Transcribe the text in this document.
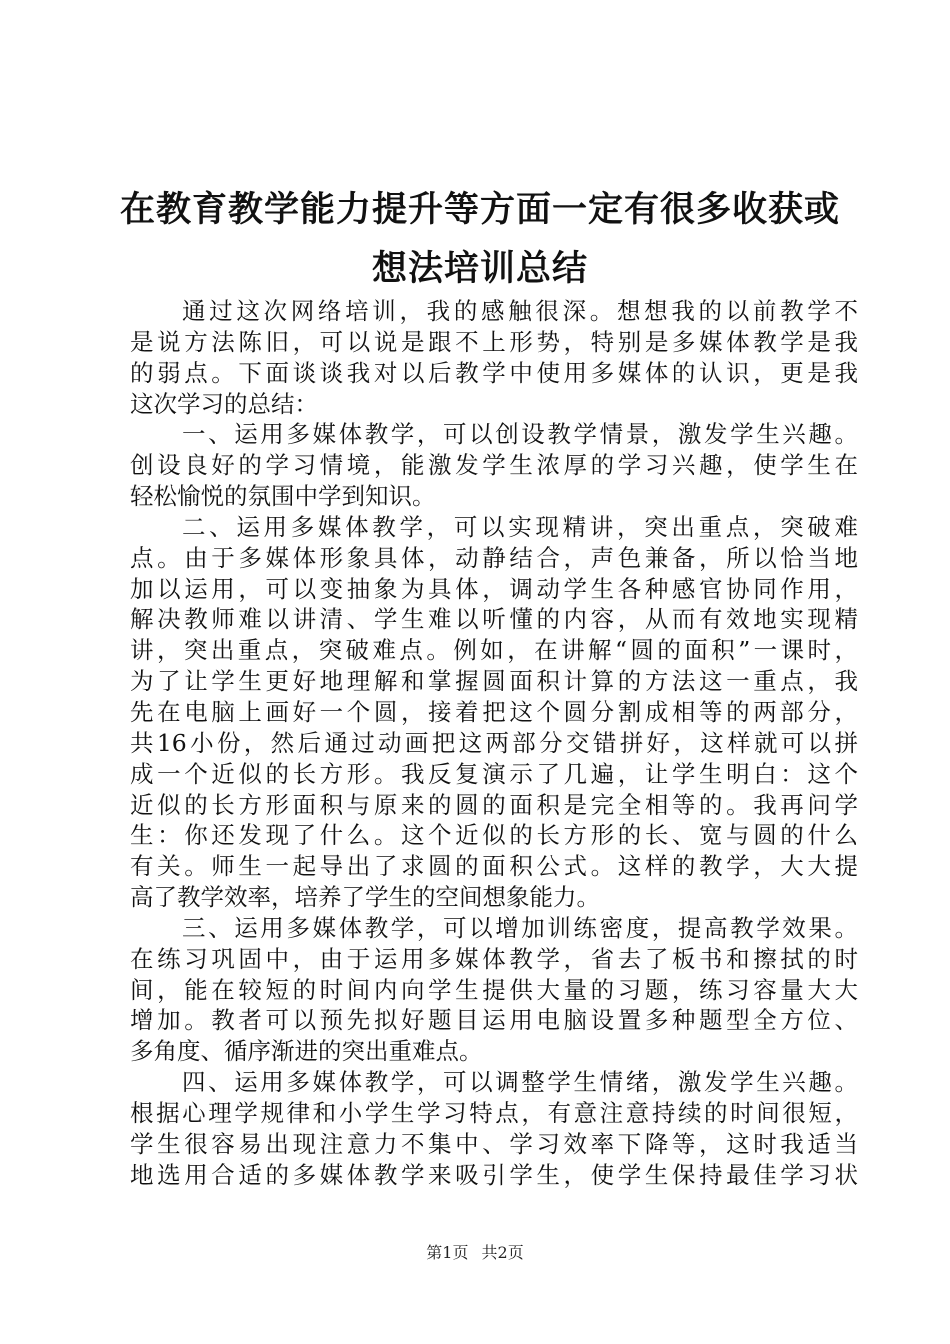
在教育教学能力提升等方面一定有很多收获或
想法培训总结
通过这次网络培训，我的感触很深。想想我的以前教学不
是说方法陈旧，可以说是跟不上形势，特别是多媒体教学是我
的弱点。下面谈谈我对以后教学中使用多媒体的认识，更是我
这次学习的总结：
一、运用多媒体教学，可以创设教学情景，激发学生兴趣。
创设良好的学习情境，能激发学生浓厚的学习兴趣，使学生在
轻松愉悦的氛围中学到知识。
二、运用多媒体教学，可以实现精讲，突出重点，突破难
点。由于多媒体形象具体，动静结合，声色兼备，所以恰当地
加以运用，可以变抽象为具体，调动学生各种感官协同作用，
解决教师难以讲清、学生难以听懂的内容，从而有效地实现精
讲，突出重点，突破难点。例如，在讲解“圆的面积”一课时，
为了让学生更好地理解和掌握圆面积计算的方法这一重点，我
先在电脑上画好一个圆，接着把这个圆分割成相等的两部分，
共16小份，然后通过动画把这两部分交错拼好，这样就可以拼
成一个近似的长方形。我反复演示了几遍，让学生明白：这个
近似的长方形面积与原来的圆的面积是完全相等的。我再问学
生：你还发现了什么。这个近似的长方形的长、宽与圆的什么
有关。师生一起导出了求圆的面积公式。这样的教学，大大提
高了教学效率，培养了学生的空间想象能力。
三、运用多媒体教学，可以增加训练密度，提高教学效果。
在练习巩固中，由于运用多媒体教学，省去了板书和擦拭的时
间，能在较短的时间内向学生提供大量的习题，练习容量大大
增加。教者可以预先拟好题目运用电脑设置多种题型全方位、
多角度、循序渐进的突出重难点。
四、运用多媒体教学，可以调整学生情绪，激发学生兴趣。
根据心理学规律和小学生学习特点，有意注意持续的时间很短，
学生很容易出现注意力不集中、学习效率下降等，这时我适当
地选用合适的多媒体教学来吸引学生，使学生保持最佳学习状
第1页 共2页
